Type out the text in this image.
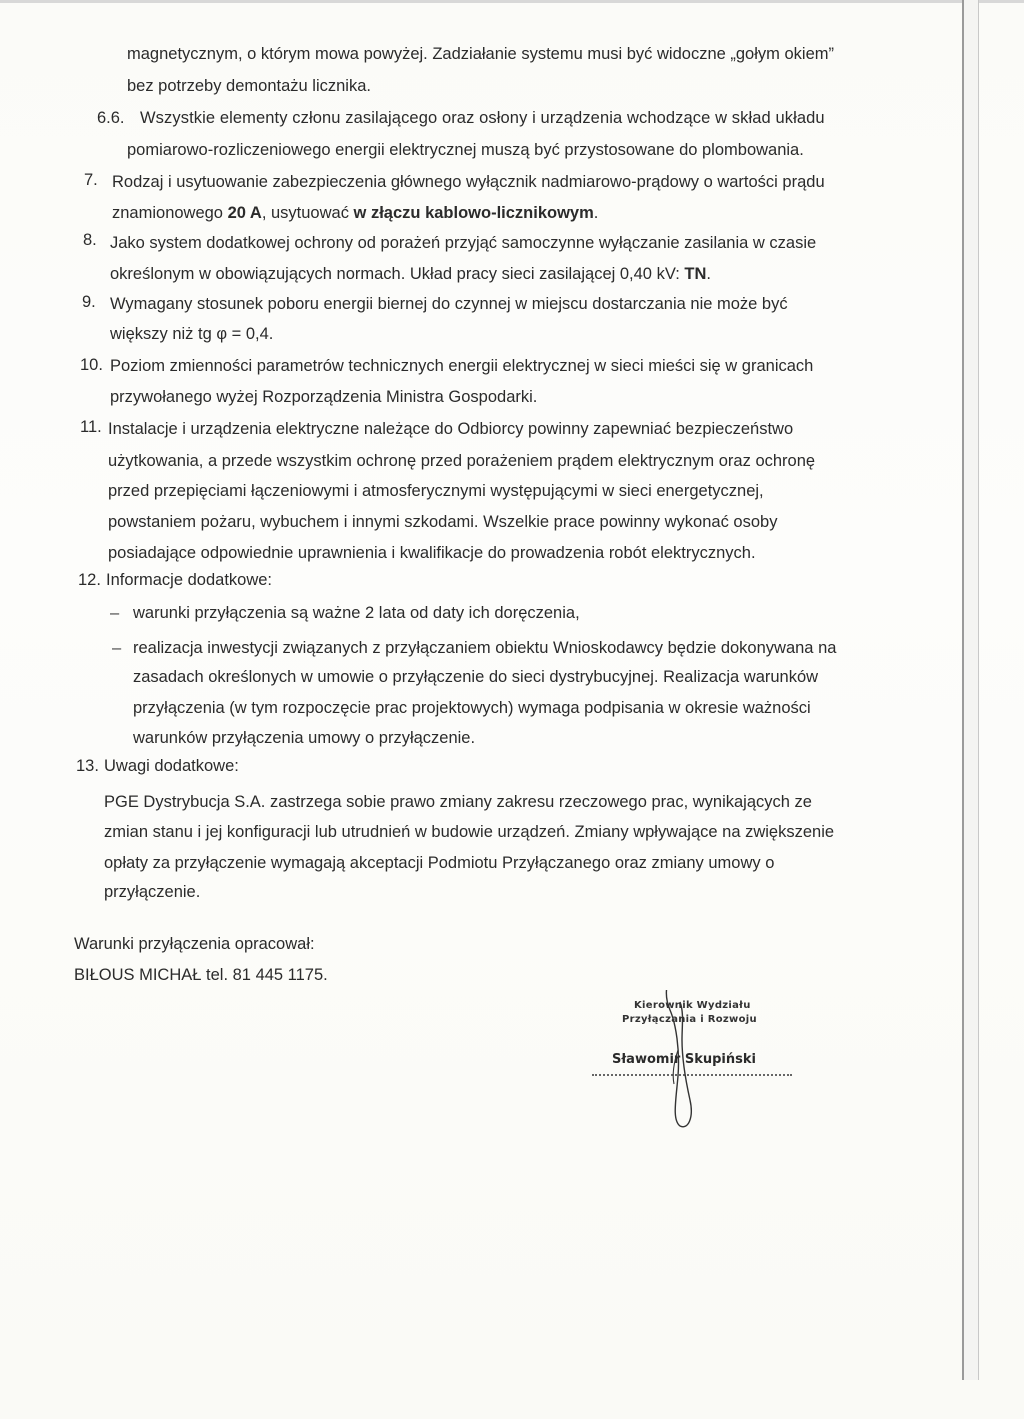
magnetycznym, o którym mowa powyżej. Zadziałanie systemu musi być widoczne „gołym okiem”
bez potrzeby demontażu licznika.
6.6. Wszystkie elementy członu zasilającego oraz osłony i urządzenia wchodzące w skład układu
pomiarowo-rozliczeniowego energii elektrycznej muszą być przystosowane do plombowania.
7. Rodzaj i usytuowanie zabezpieczenia głównego wyłącznik nadmiarowo-prądowy o wartości prądu
znamionowego 20 A, usytuować w złączu kablowo-licznikowym.
8. Jako system dodatkowej ochrony od porażeń przyjąć samoczynne wyłączanie zasilania w czasie
określonym w obowiązujących normach. Układ pracy sieci zasilającej 0,40 kV: TN.
9. Wymagany stosunek poboru energii biernej do czynnej w miejscu dostarczania nie może być
większy niż tg φ = 0,4.
10. Poziom zmienności parametrów technicznych energii elektrycznej w sieci mieści się w granicach
przywołanego wyżej Rozporządzenia Ministra Gospodarki.
11. Instalacje i urządzenia elektryczne należące do Odbiorcy powinny zapewniać bezpieczeństwo
użytkowania, a przede wszystkim ochronę przed porażeniem prądem elektrycznym oraz ochronę
przed przepięciami łączeniowymi i atmosferycznymi występującymi w sieci energetycznej,
powstaniem pożaru, wybuchem i innymi szkodami. Wszelkie prace powinny wykonać osoby
posiadające odpowiednie uprawnienia i kwalifikacje do prowadzenia robót elektrycznych.
12. Informacje dodatkowe:
– warunki przyłączenia są ważne 2 lata od daty ich doręczenia,
– realizacja inwestycji związanych z przyłączaniem obiektu Wnioskodawcy będzie dokonywana na
zasadach określonych w umowie o przyłączenie do sieci dystrybucyjnej. Realizacja warunków
przyłączenia (w tym rozpoczęcie prac projektowych) wymaga podpisania w okresie ważności
warunków przyłączenia umowy o przyłączenie.
13. Uwagi dodatkowe:
PGE Dystrybucja S.A. zastrzega sobie prawo zmiany zakresu rzeczowego prac, wynikających ze
zmian stanu i jej konfiguracji lub utrudnień w budowie urządzeń. Zmiany wpływające na zwiększenie
opłaty za przyłączenie wymagają akceptacji Podmiotu Przyłączanego oraz zmiany umowy o
przyłączenie.
Warunki przyłączenia opracował:
BIŁOUS MICHAŁ tel. 81 445 1175.
Kierownik Wydziału
Przyłączania i Rozwoju
Sławomir Skupiński
